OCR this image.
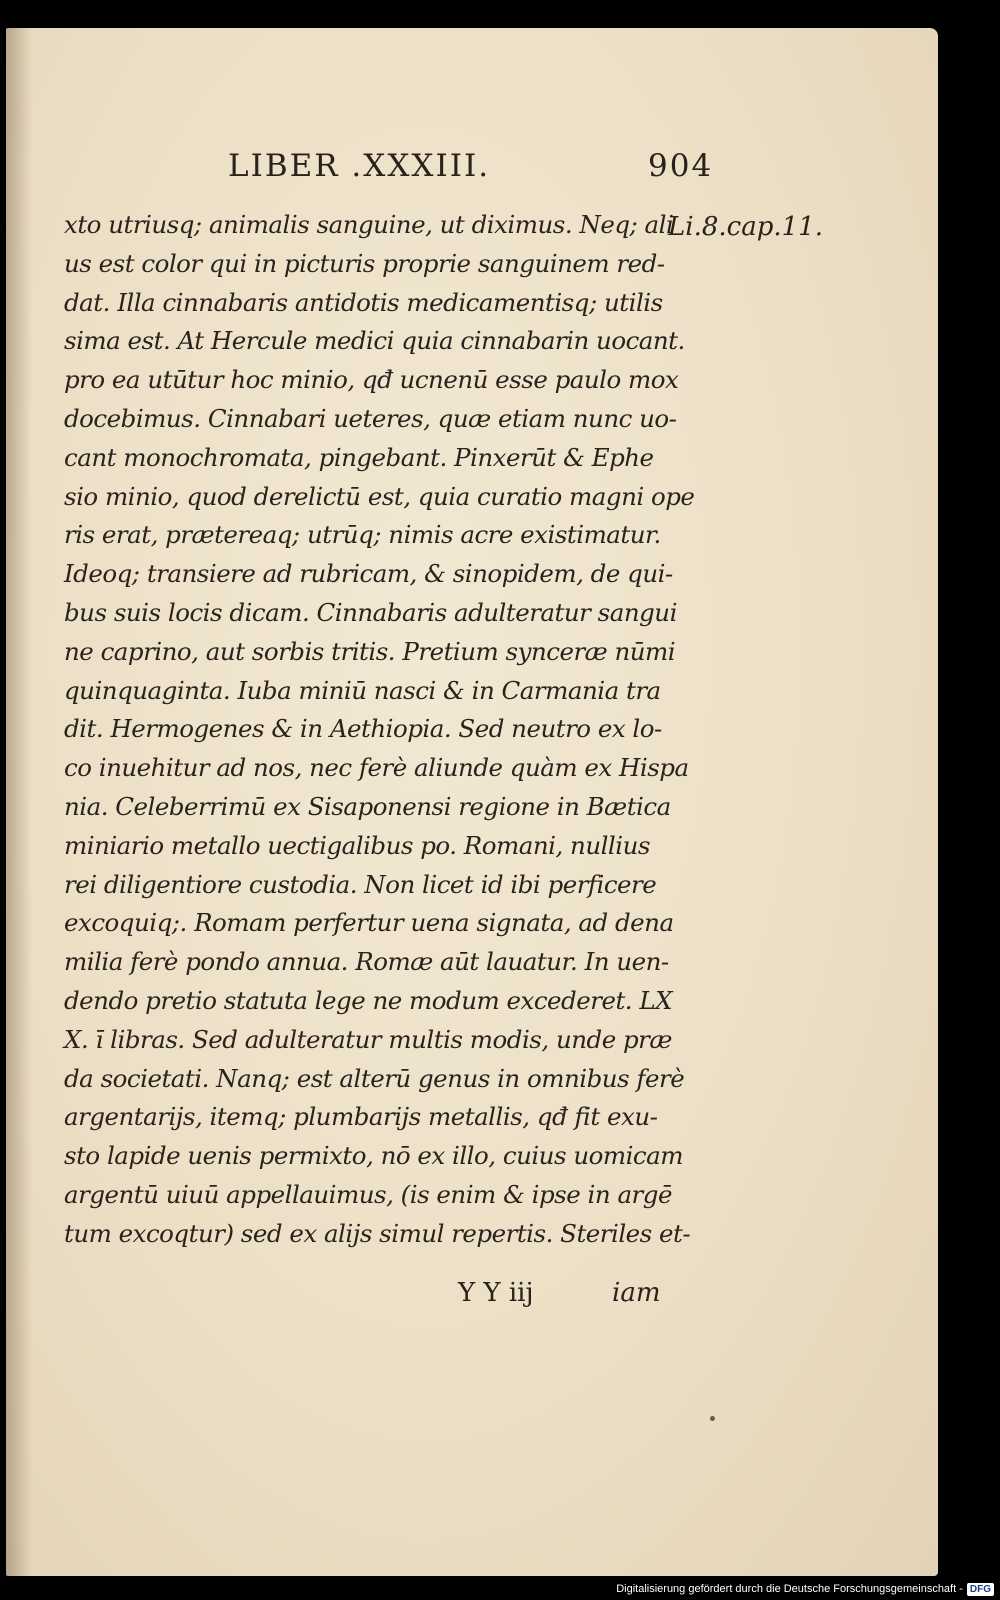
LIBER .XXXIII.	904
Li.8.cap.11.
xto utriusq; animalis sanguine, ut diximus. Neq; ali
us est color qui in picturis proprie sanguinem red-
dat. Illa cinnabaris antidotis medicamentisq; utilis
sima est. At Hercule medici quia cinnabarin uocant.
pro ea utūtur hoc minio, qđ ucnenū esse paulo mox
docebimus. Cinnabari ueteres, quæ etiam nunc uo-
cant monochromata, pingebant. Pinxerūt & Ephe
sio minio, quod derelictū est, quia curatio magni ope
ris erat, prætereaq; utrūq; nimis acre existimatur.
Ideoq; transiere ad rubricam, & sinopidem, de qui-
bus suis locis dicam. Cinnabaris adulteratur sangui
ne caprino, aut sorbis tritis. Pretium synceræ nūmi
quinquaginta. Iuba miniū nasci & in Carmania tra
dit. Hermogenes & in Aethiopia. Sed neutro ex lo-
co inuehitur ad nos, nec ferè aliunde quàm ex Hispa
nia. Celeberrimū ex Sisaponensi regione in Bætica
miniario metallo uectigalibus po. Romani, nullius
rei diligentiore custodia. Non licet id ibi perficere
excoquiq;. Romam perfertur uena signata, ad dena
milia ferè pondo annua. Romæ aūt lauatur. In uen-
dendo pretio statuta lege ne modum excederet. LX
X. ī libras. Sed adulteratur multis modis, unde præ
da societati. Nanq; est alterū genus in omnibus ferè
argentarijs, itemq; plumbarijs metallis, qđ fit exu-
sto lapide uenis permixto, nō ex illo, cuius uomicam
argentū uiuū appellauimus, (is enim & ipse in argē
tum excoqtur) sed ex alijs simul repertis. Steriles et-
Y Y iij	iam
Digitalisierung gefördert durch die Deutsche Forschungsgemeinschaft - DFG
